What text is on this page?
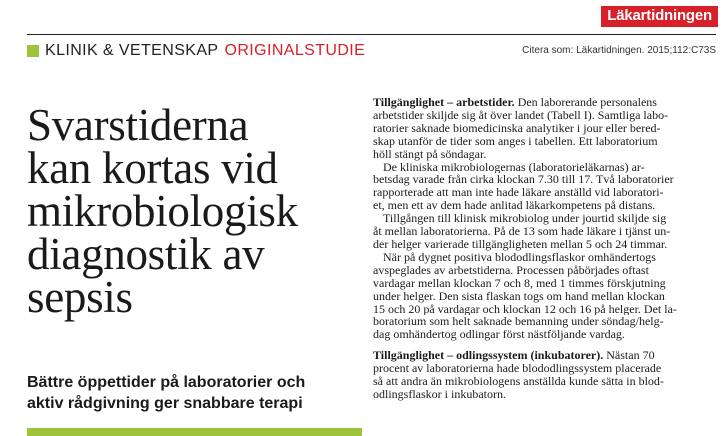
Läkartidningen
KLINIK & VETENSKAP ORIGINALSTUDIE	Citera som: Läkartidningen. 2015;112:C73S
Svarstiderna
kan kortas vid
mikrobiologisk
diagnostik av
sepsis
Bättre öppettider på laboratorier och
aktiv rådgivning ger snabbare terapi

Tillgänglighet – arbetstider. Den laborerande personalens
arbetstider skiljde sig åt över landet (Tabell I). Samtliga labo-
ratorier saknade biomedicinska analytiker i jour eller bered-
skap utanför de tider som anges i tabellen. Ett laboratorium
höll stängt på söndagar.

De kliniska mikrobiologernas (laboratorieläkarnas) ar-
betsdag varade från cirka klockan 7.30 till 17. Två laboratorier
rapporterade att man inte hade läkare anställd vid laboratori-
et, men ett av dem hade anlitad läkarkompetens på distans.

Tillgången till klinisk mikrobiolog under jourtid skiljde sig
åt mellan laboratorierna. På de 13 som hade läkare i tjänst un-
der helger varierade tillgängligheten mellan 5 och 24 timmar.

När på dygnet positiva blododlingsflaskor omhändertogs
avspeglades av arbetstiderna. Processen påbörjades oftast
vardagar mellan klockan 7 och 8, med 1 timmes förskjutning
under helger. Den sista flaskan togs om hand mellan klockan
15 och 20 på vardagar och klockan 12 och 16 på helger. Det la-
boratorium som helt saknade bemanning under söndag/helg-
dag omhändertog odlingar först nästföljande vardag.

Tillgänglighet – odlingssystem (inkubatorer). Nästan 70
procent av laboratorierna hade blododlingssystem placerade
så att andra än mikrobiologens anställda kunde sätta in blod-
odlingsflaskor i inkubatorn.
